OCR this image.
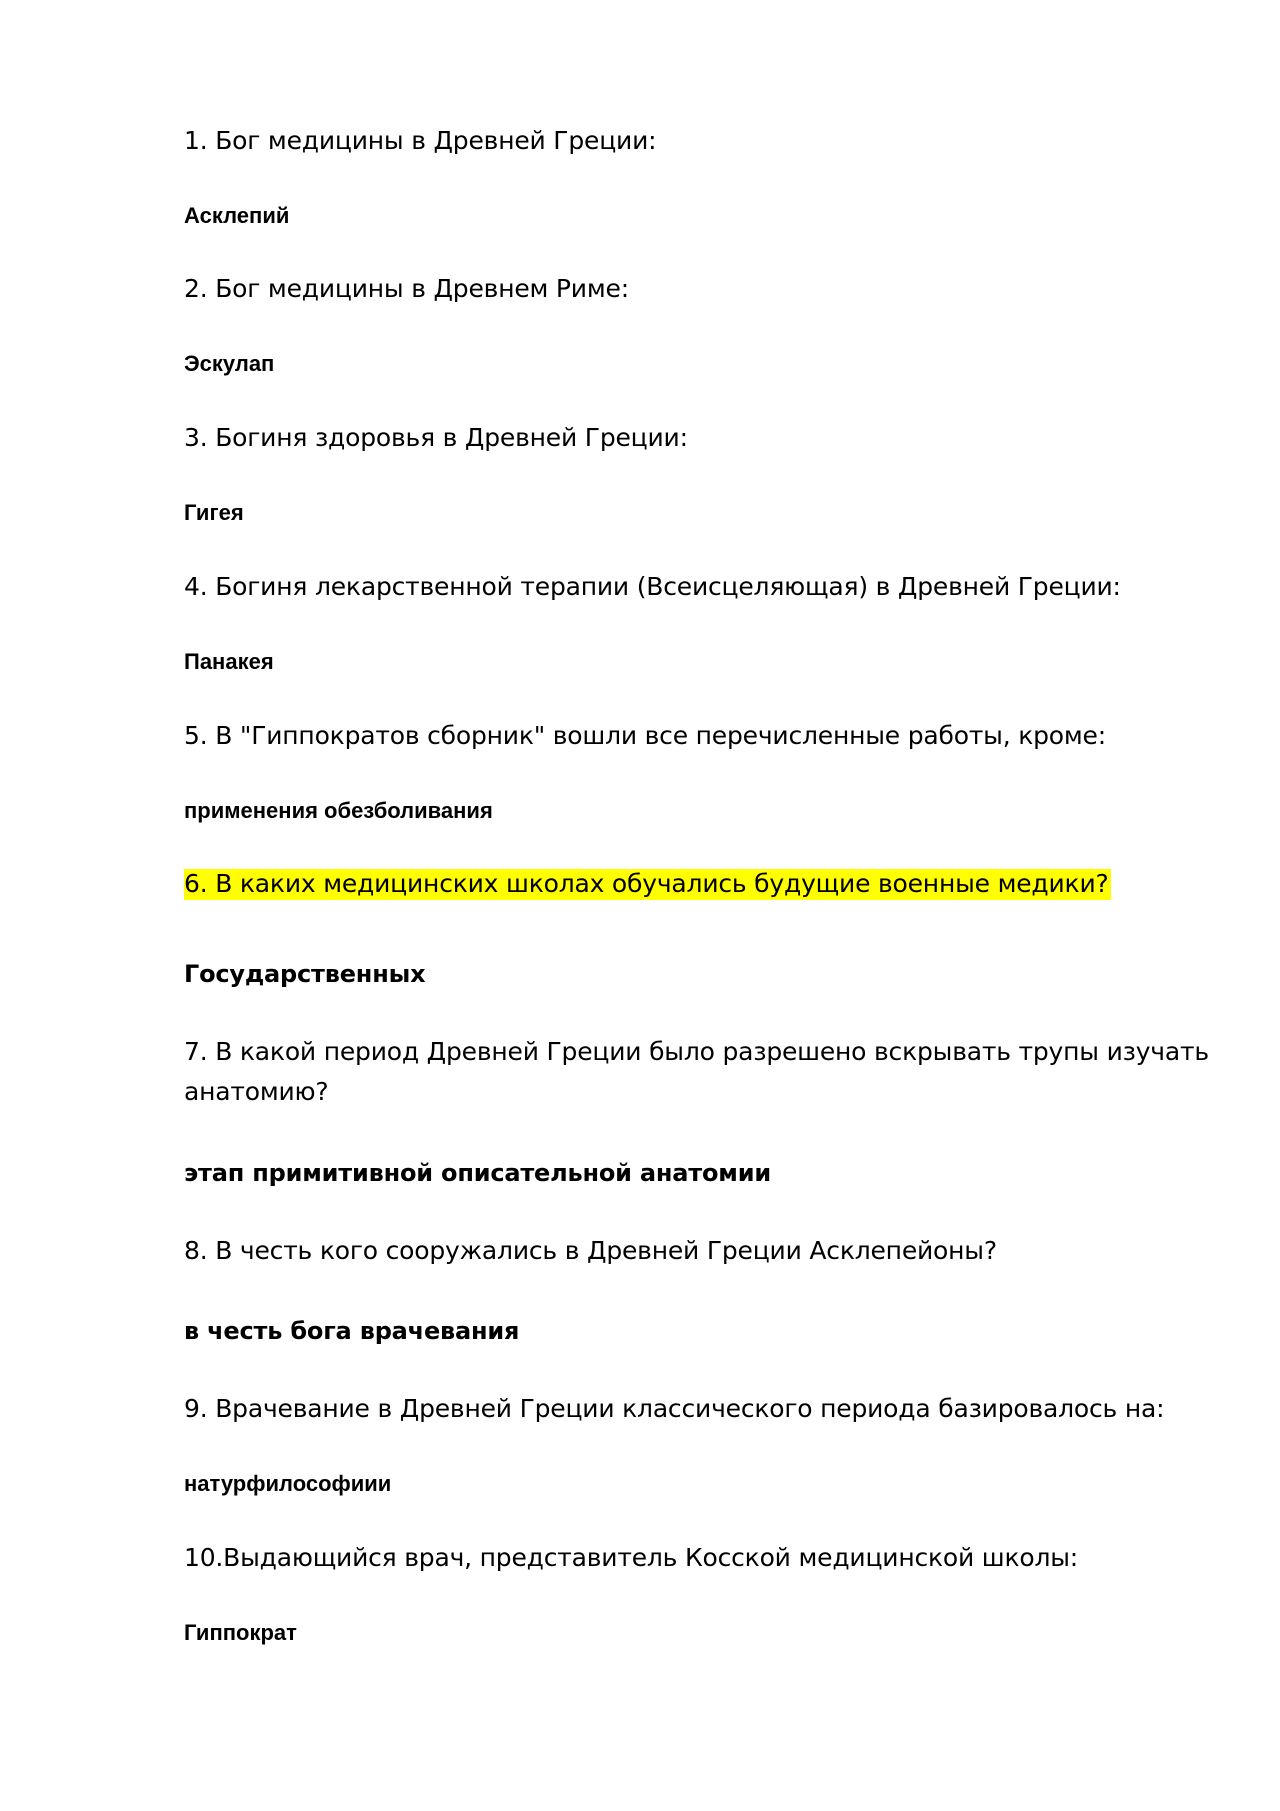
1. Бог медицины в Древней Греции:

Асклепий

2. Бог медицины в Древнем Риме:

Эскулап

3. Богиня здоровья в Древней Греции:

Гигея

4. Богиня лекарственной терапии (Всеисцеляющая) в Древней Греции:

Панакея

5. В "Гиппократов сборник" вошли все перечисленные работы, кроме:

применения обезболивания

6. В каких медицинских школах обучались будущие военные медики?

Государственных

7. В какой период Древней Греции было разрешено вскрывать трупы изучать

анатомию?

этап примитивной описательной анатомии

8. В честь кого сооружались в Древней Греции Асклепейоны?

в честь бога врачевания

9. Врачевание в Древней Греции классического периода базировалось на:

натурфилософиии

10.Выдающийся врач, представитель Косской медицинской школы:

Гиппократ
